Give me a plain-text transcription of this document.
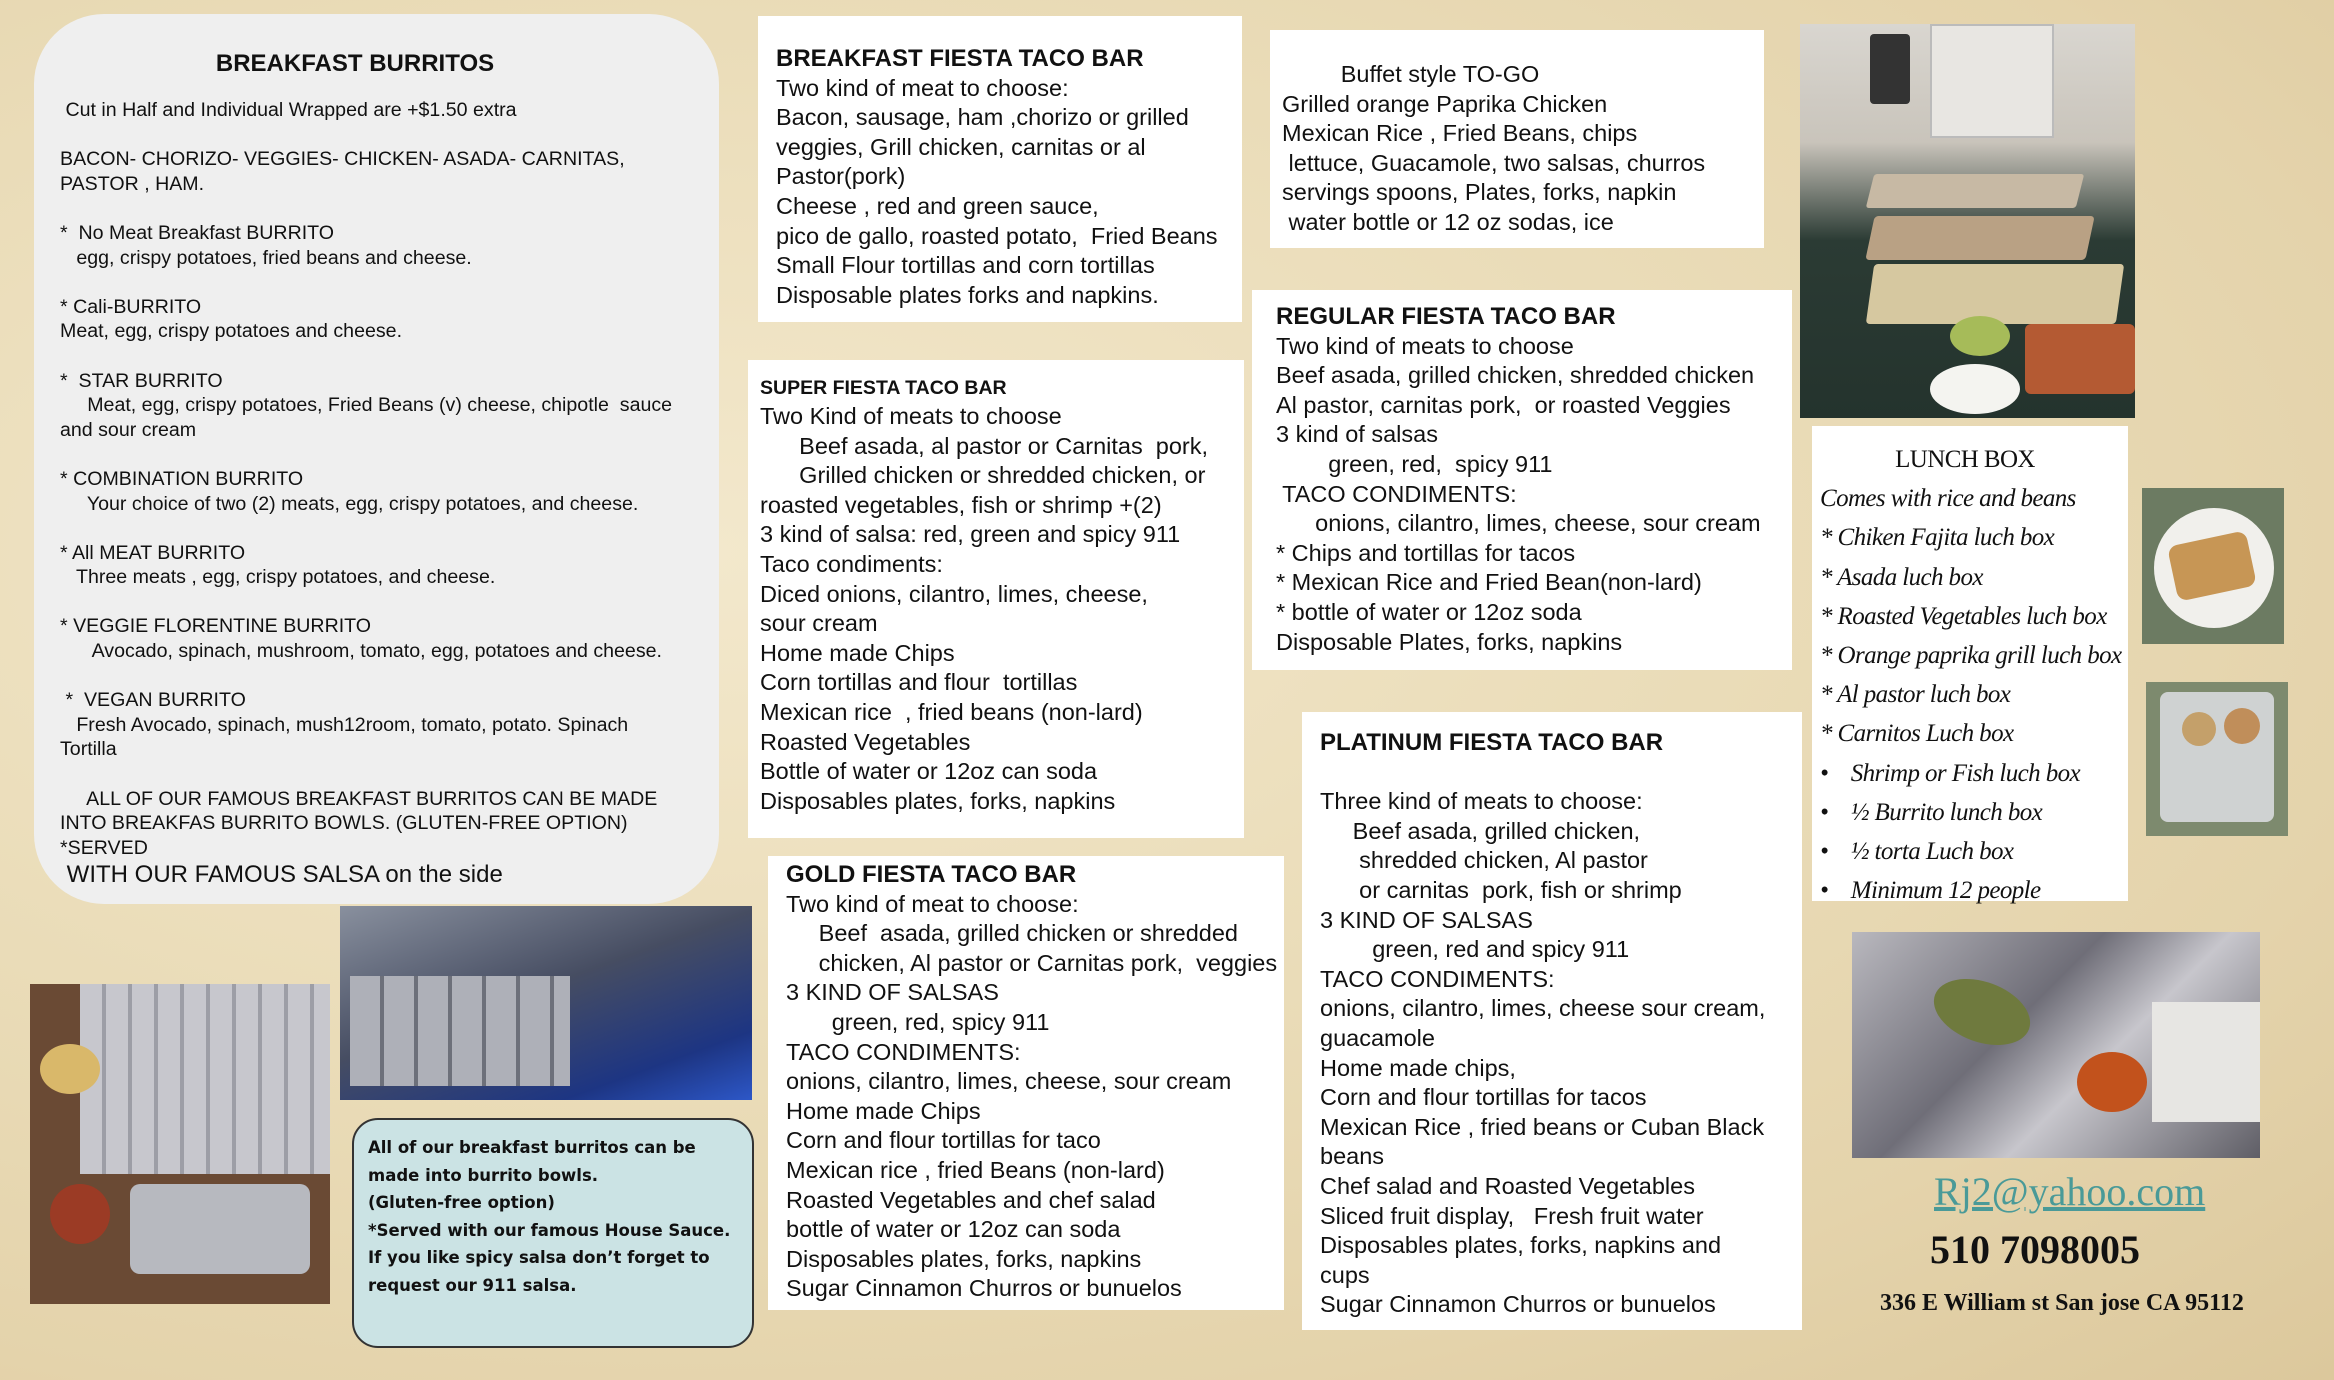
BREAKFAST BURRITOS
Cut in Half and Individual Wrapped are +$1.50 extra

BACON- CHORIZO- VEGGIES- CHICKEN- ASADA- CARNITAS,
PASTOR , HAM.

*  No Meat Breakfast BURRITO
egg, crispy potatoes, fried beans and cheese.

* Cali-BURRITO
Meat, egg, crispy potatoes and cheese.

*  STAR BURRITO
Meat, egg, crispy potatoes, Fried Beans (v) cheese, chipotle  sauce
and sour cream

* COMBINATION BURRITO
Your choice of two (2) meats, egg, crispy potatoes, and cheese.

* All MEAT BURRITO
Three meats , egg, crispy potatoes, and cheese.

* VEGGIE FLORENTINE BURRITO
Avocado, spinach, mushroom, tomato, egg, potatoes and cheese.

*  VEGAN BURRITO
Fresh Avocado, spinach, mush12room, tomato, potato. Spinach
Tortilla

ALL OF OUR FAMOUS BREAKFAST BURRITOS CAN BE MADE
INTO BREAKFAS BURRITO BOWLS. (GLUTEN-FREE OPTION)
*SERVED
WITH OUR FAMOUS SALSA on the side
BREAKFAST FIESTA TACO BAR
Two kind of meat to choose:
Bacon, sausage, ham ,chorizo or grilled
veggies, Grill chicken, carnitas or al
Pastor(pork)
Cheese , red and green sauce,
pico de gallo, roasted potato,  Fried Beans
Small Flour tortillas and corn tortillas
Disposable plates forks and napkins.
Buffet style TO-GO
Grilled orange Paprika Chicken
Mexican Rice , Fried Beans, chips
lettuce, Guacamole, two salsas, churros
servings spoons, Plates, forks, napkin
water bottle or 12 oz sodas, ice
SUPER FIESTA TACO BAR
Two Kind of meats to choose
Beef asada, al pastor or Carnitas  pork,
Grilled chicken or shredded chicken, or
roasted vegetables, fish or shrimp +(2)
3 kind of salsa: red, green and spicy 911
Taco condiments:
Diced onions, cilantro, limes, cheese,
sour cream
Home made Chips
Corn tortillas and flour  tortillas
Mexican rice  , fried beans (non-lard)
Roasted Vegetables
Bottle of water or 12oz can soda
Disposables plates, forks, napkins
REGULAR FIESTA TACO BAR
Two kind of meats to choose
Beef asada, grilled chicken, shredded chicken
Al pastor, carnitas pork,  or roasted Veggies
3 kind of salsas
green, red,  spicy 911
TACO CONDIMENTS:
onions, cilantro, limes, cheese, sour cream
* Chips and tortillas for tacos
* Mexican Rice and Fried Bean(non-lard)
* bottle of water or 12oz soda
Disposable Plates, forks, napkins
GOLD FIESTA TACO BAR
Two kind of meat to choose:
Beef  asada, grilled chicken or shredded
chicken, Al pastor or Carnitas pork,  veggies
3 KIND OF SALSAS
green, red, spicy 911
TACO CONDIMENTS:
onions, cilantro, limes, cheese, sour cream
Home made Chips
Corn and flour tortillas for taco
Mexican rice , fried Beans (non-lard)
Roasted Vegetables and chef salad
bottle of water or 12oz can soda
Disposables plates, forks, napkins
Sugar Cinnamon Churros or bunuelos
PLATINUM FIESTA TACO BAR

Three kind of meats to choose:
Beef asada, grilled chicken,
shredded chicken, Al pastor
or carnitas  pork, fish or shrimp
3 KIND OF SALSAS
green, red and spicy 911
TACO CONDIMENTS:
onions, cilantro, limes, cheese sour cream,
guacamole
Home made chips,
Corn and flour tortillas for tacos
Mexican Rice , fried beans or Cuban Black
beans
Chef salad and Roasted Vegetables
Sliced fruit display,   Fresh fruit water
Disposables plates, forks, napkins and
cups
Sugar Cinnamon Churros or bunuelos
LUNCH BOX
Comes with rice and beans
* Chiken Fajita luch box
* Asada luch box
* Roasted Vegetables luch box
* Orange paprika grill luch box
* Al pastor luch box
* Carnitos Luch box
•    Shrimp or Fish luch box
•    ½ Burrito lunch box
•    ½ torta Luch box
•    Minimum 12 people
All of our breakfast burritos can be made into burrito bowls.
(Gluten-free option)
*Served with our famous House Sauce.
If you like spicy salsa don’t forget to request our 911 salsa.
Rj2@yahoo.com
510 7098005
336 E William st San jose CA 95112
